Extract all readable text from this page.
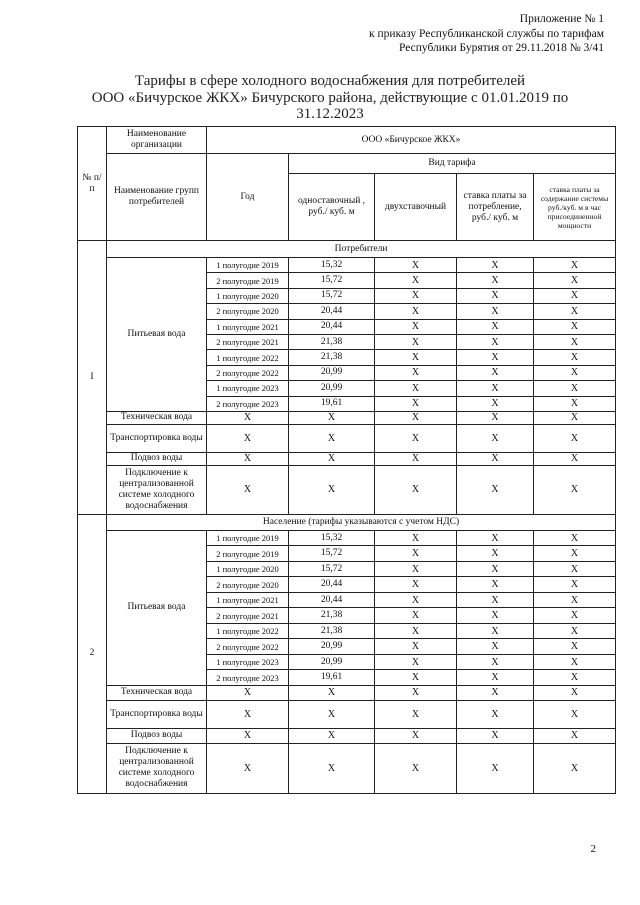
Приложение № 1
к приказу Республиканской службы по тарифам
Республики Бурятия от 29.11.2018 № 3/41
Тарифы в сфере холодного водоснабжения для потребителей
ООО «Бичурское ЖКХ» Бичурского района, действующие с 01.01.2019 по
31.12.2023
№ п/п	Наименование организации	ООО «Бичурское ЖКХ»				
	Наименование групп потребителей	Год	Вид тарифа			
			одноставочный , руб./ куб. м	двухставочный	ставка платы за потребление, руб./ куб. м	ставка платы за содержание системы руб./куб. м в час присоединенной мощности
I	Потребители					
	Питьевая вода	1 полугодие 2019	15,32	X	X	X
		2 полугодие 2019	15,72	X	X	X
		1 полугодие 2020	15,72	X	X	X
		2 полугодие 2020	20,44	X	X	X
		1 полугодие 2021	20,44	X	X	X
		2 полугодие 2021	21,38	X	X	X
		1 полугодие 2022	21,38	X	X	X
		2 полугодие 2022	20,99	X	X	X
		1 полугодие 2023	20,99	X	X	X
		2 полугодие 2023	19,61	X	X	X
	Техническая вода	X	X	X	X	X
	Транспортировка воды	X	X	X	X	X
	Подвоз воды	X	X	X	X	X
	Подключение к централизованной системе холодного водоснабжения	X	X	X	X	X
2	Население (тарифы указываются с учетом НДС)					
	Питьевая вода	1 полугодие 2019	15,32	X	X	X
		2 полугодие 2019	15,72	X	X	X
		1 полугодие 2020	15,72	X	X	X
		2 полугодие 2020	20,44	X	X	X
		1 полугодие 2021	20,44	X	X	X
		2 полугодие 2021	21,38	X	X	X
		1 полугодие 2022	21,38	X	X	X
		2 полугодие 2022	20,99	X	X	X
		1 полугодие 2023	20,99	X	X	X
		2 полугодие 2023	19,61	X	X	X
	Техническая вода	X	X	X	X	X
	Транспортировка воды	X	X	X	X	X
	Подвоз воды	X	X	X	X	X
	Подключение к централизованной системе холодного водоснабжения	X	X	X	X	X
2
